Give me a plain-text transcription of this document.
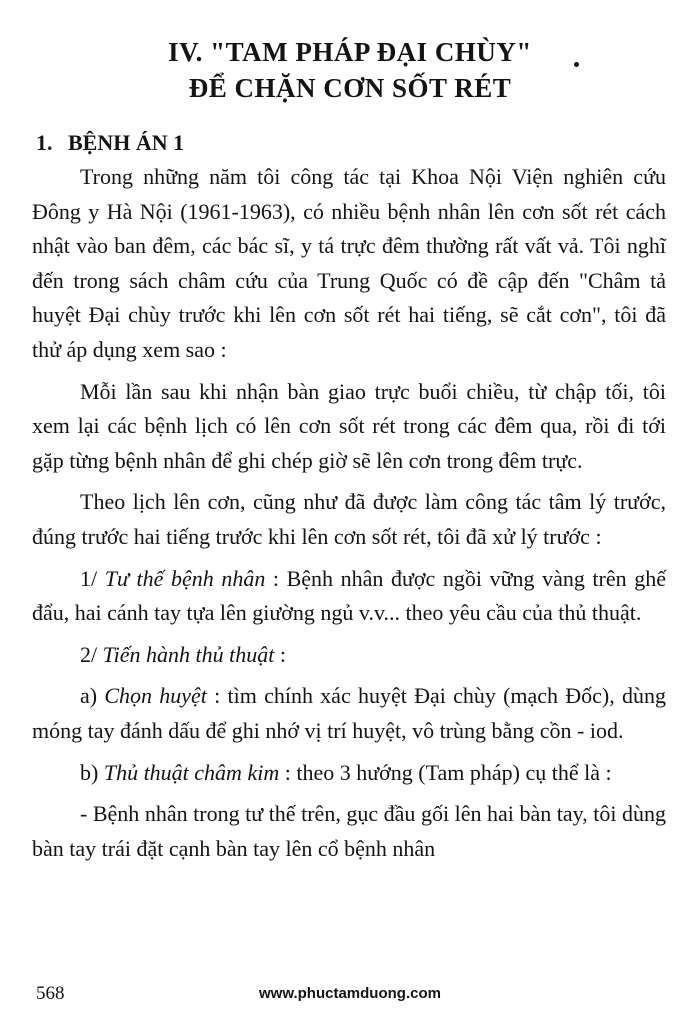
IV. "TAM PHÁP ĐẠI CHÙY"
ĐỂ CHẶN CƠN SỐT RÉT
1. BỆNH ÁN 1

Trong những năm tôi công tác tại Khoa Nội Viện nghiên cứu Đông y Hà Nội (1961-1963), có nhiều bệnh nhân lên cơn sốt rét cách nhật vào ban đêm, các bác sĩ, y tá trực đêm thường rất vất vả. Tôi nghĩ đến trong sách châm cứu của Trung Quốc có đề cập đến "Châm tả huyệt Đại chùy trước khi lên cơn sốt rét hai tiếng, sẽ cắt cơn", tôi đã thử áp dụng xem sao :

Mỗi lần sau khi nhận bàn giao trực buổi chiều, từ chập tối, tôi xem lại các bệnh lịch có lên cơn sốt rét trong các đêm qua, rồi đi tới gặp từng bệnh nhân để ghi chép giờ sẽ lên cơn trong đêm trực.

Theo lịch lên cơn, cũng như đã được làm công tác tâm lý trước, đúng trước hai tiếng trước khi lên cơn sốt rét, tôi đã xử lý trước :

1/ Tư thế bệnh nhân : Bệnh nhân được ngồi vững vàng trên ghế đẩu, hai cánh tay tựa lên giường ngủ v.v... theo yêu cầu của thủ thuật.

2/ Tiến hành thủ thuật :

a) Chọn huyệt : tìm chính xác huyệt Đại chùy (mạch Đốc), dùng móng tay đánh dấu để ghi nhớ vị trí huyệt, vô trùng bằng cồn - iod.

b) Thủ thuật châm kim : theo 3 hướng (Tam pháp) cụ thể là :

- Bệnh nhân trong tư thế trên, gục đầu gối lên hai bàn tay, tôi dùng bàn tay trái đặt cạnh bàn tay lên cổ bệnh nhân

568	www.phuctamduong.com
